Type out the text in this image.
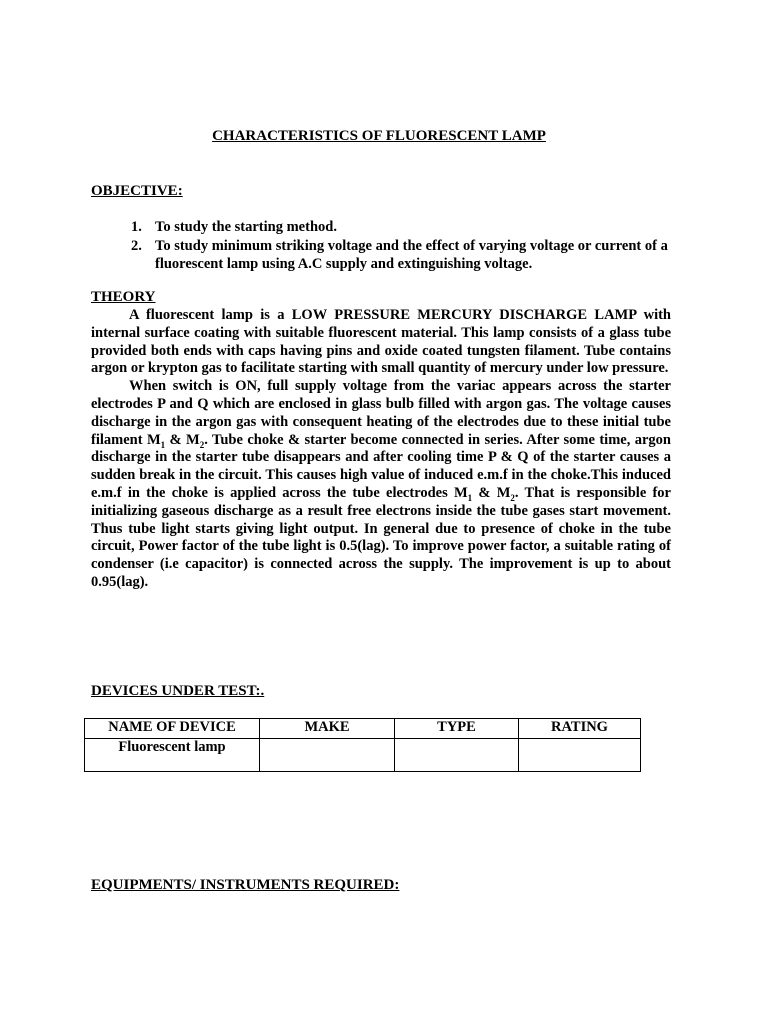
CHARACTERISTICS OF FLUORESCENT LAMP
OBJECTIVE:
1. To study the starting method.
2. To study minimum striking voltage and the effect of varying voltage or current of a fluorescent lamp using A.C supply and extinguishing voltage.
THEORY

A fluorescent lamp is a LOW PRESSURE MERCURY DISCHARGE LAMP with internal surface coating with suitable fluorescent material. This lamp consists of a glass tube provided both ends with caps having pins and oxide coated tungsten filament. Tube contains argon or krypton gas to facilitate starting with small quantity of mercury under low pressure.

When switch is ON, full supply voltage from the variac appears across the starter electrodes P and Q which are enclosed in glass bulb filled with argon gas. The voltage causes discharge in the argon gas with consequent heating of the electrodes due to these initial tube filament $M_1$ & $M_2$. Tube choke & starter become connected in series. After some time, argon discharge in the starter tube disappears and after cooling time P & Q of the starter causes a sudden break in the circuit. This causes high value of induced e.m.f in the choke.This induced e.m.f in the choke is applied across the tube electrodes $M_1$ & $M_2$. That is responsible for initializing gaseous discharge as a result free electrons inside the tube gases start movement. Thus tube light starts giving light output. In general due to presence of choke in the tube circuit, Power factor of the tube light is 0.5(lag). To improve power factor, a suitable rating of condenser (i.e capacitor) is connected across the supply. The improvement is up to about 0.95(lag).

DEVICES UNDER TEST:.
NAME OF DEVICE	MAKE	TYPE	RATING
Fluorescent lamp			
EQUIPMENTS/ INSTRUMENTS REQUIRED:
